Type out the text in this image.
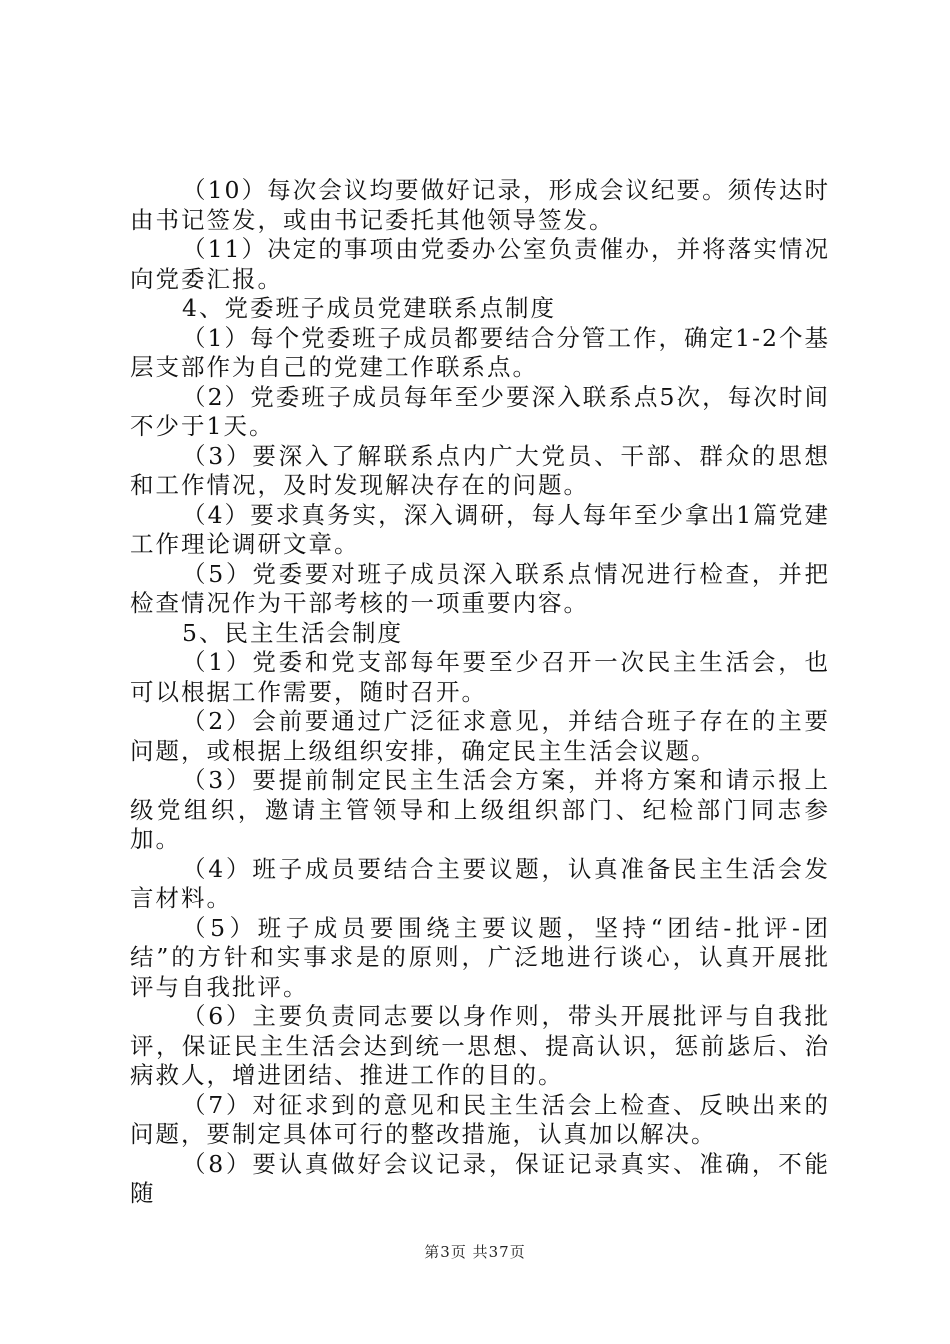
（10）每次会议均要做好记录，形成会议纪要。须传达时由书记签发，或由书记委托其他领导签发。

（11）决定的事项由党委办公室负责催办，并将落实情况向党委汇报。

4、党委班子成员党建联系点制度

（1）每个党委班子成员都要结合分管工作，确定1-2个基层支部作为自己的党建工作联系点。

（2）党委班子成员每年至少要深入联系点5次，每次时间不少于1天。

（3）要深入了解联系点内广大党员、干部、群众的思想和工作情况，及时发现解决存在的问题。

（4）要求真务实，深入调研，每人每年至少拿出1篇党建工作理论调研文章。

（5）党委要对班子成员深入联系点情况进行检查，并把检查情况作为干部考核的一项重要内容。

5、民主生活会制度

（1）党委和党支部每年要至少召开一次民主生活会，也可以根据工作需要，随时召开。

（2）会前要通过广泛征求意见，并结合班子存在的主要问题，或根据上级组织安排，确定民主生活会议题。

（3）要提前制定民主生活会方案，并将方案和请示报上级党组织，邀请主管领导和上级组织部门、纪检部门同志参加。

（4）班子成员要结合主要议题，认真准备民主生活会发言材料。

（5）班子成员要围绕主要议题，坚持“团结-批评-团结”的方针和实事求是的原则，广泛地进行谈心，认真开展批评与自我批评。

（6）主要负责同志要以身作则，带头开展批评与自我批评，保证民主生活会达到统一思想、提高认识，惩前毖后、治病救人，增进团结、推进工作的目的。

（7）对征求到的意见和民主生活会上检查、反映出来的问题，要制定具体可行的整改措施，认真加以解决。

（8）要认真做好会议记录，保证记录真实、准确，不能随

第3页 共37页
